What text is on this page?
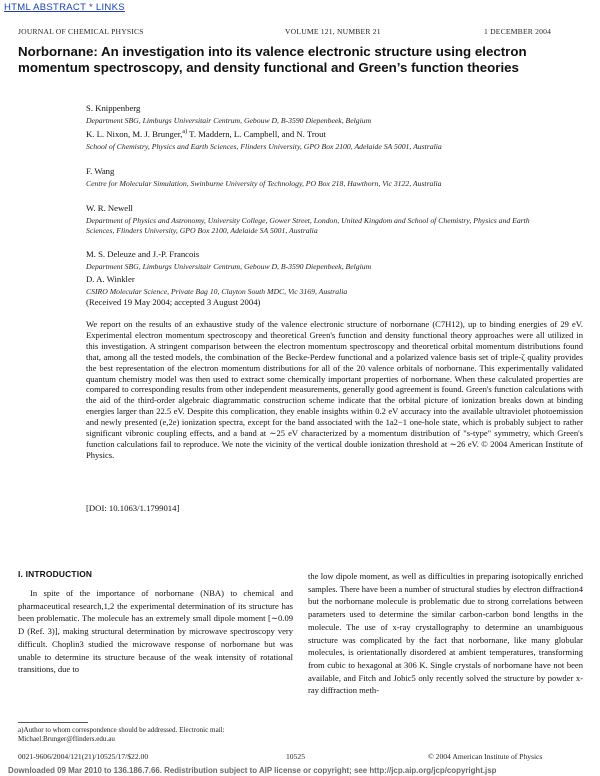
HTML ABSTRACT * LINKS
JOURNAL OF CHEMICAL PHYSICS	VOLUME 121, NUMBER 21	1 DECEMBER 2004
Norbornane: An investigation into its valence electronic structure using electron momentum spectroscopy, and density functional and Green’s function theories
S. Knippenberg
Department SBG, Limburgs Universitair Centrum, Gebouw D, B-3590 Diepenbeek, Belgium
K. L. Nixon, M. J. Brunger,$^{a)}$ T. Maddern, L. Campbell, and N. Trout
School of Chemistry, Physics and Earth Sciences, Flinders University, GPO Box 2100, Adelaide SA 5001, Australia
F. Wang
Centre for Molecular Simulation, Swinburne University of Technology, PO Box 218, Hawthorn, Vic 3122, Australia
W. R. Newell
Department of Physics and Astronomy, University College, Gower Street, London, United Kingdom and School of Chemistry, Physics and Earth Sciences, Flinders University, GPO Box 2100, Adelaide SA 5001, Australia
M. S. Deleuze and J.-P. Francois
Department SBG, Limburgs Universitair Centrum, Gebouw D, B-3590 Diepenbeek, Belgium
D. A. Winkler
CSIRO Molecular Science, Private Bag 10, Clayton South MDC, Vic 3169, Australia
(Received 19 May 2004; accepted 3 August 2004)
We report on the results of an exhaustive study of the valence electronic structure of norbornane (C7H12), up to binding energies of 29 eV. Experimental electron momentum spectroscopy and theoretical Green's function and density functional theory approaches were all utilized in this investigation. A stringent comparison between the electron momentum spectroscopy and theoretical orbital momentum distributions found that, among all the tested models, the combination of the Becke-Perdew functional and a polarized valence basis set of triple-ζ quality provides the best representation of the electron momentum distributions for all of the 20 valence orbitals of norbornane. This experimentally validated quantum chemistry model was then used to extract some chemically important properties of norbornane. When these calculated properties are compared to corresponding results from other independent measurements, generally good agreement is found. Green's function calculations with the aid of the third-order algebraic diagrammatic construction scheme indicate that the orbital picture of ionization breaks down at binding energies larger than 22.5 eV. Despite this complication, they enable insights within 0.2 eV accuracy into the available ultraviolet photoemission and newly presented (e,2e) ionization spectra, except for the band associated with the 1a2−1 one-hole state, which is probably subject to rather significant vibronic coupling effects, and a band at ∼25 eV characterized by a momentum distribution of "s-type" symmetry, which Green's function calculations fail to reproduce. We note the vicinity of the vertical double ionization threshold at ∼26 eV. © 2004 American Institute of Physics.
[DOI: 10.1063/1.1799014]
I. INTRODUCTION
In spite of the importance of norbornane (NBA) to chemical and pharmaceutical research,1,2 the experimental determination of its structure has been problematic. The molecule has an extremely small dipole moment [∼0.09 D (Ref. 3)], making structural determination by microwave spectroscopy very difficult. Choplin3 studied the microwave response of norbornane but was unable to determine its structure because of the weak intensity of rotational transitions, due to
the low dipole moment, as well as difficulties in preparing isotopically enriched samples. There have been a number of structural studies by electron diffraction4 but the norbornane molecule is problematic due to strong correlations between parameters used to determine the similar carbon-carbon bond lengths in the molecule. The use of x-ray crystallography to determine an unambiguous structure was complicated by the fact that norbornane, like many globular molecules, is orientationally disordered at ambient temperatures, transforming from cubic to hexagonal at 306 K. Single crystals of norbornane have not been available, and Fitch and Jobic5 only recently solved the structure by powder x-ray diffraction meth-
a)Author to whom correspondence should be addressed. Electronic mail: Michael.Brunger@flinders.edu.au
0021-9606/2004/121(21)/10525/17/$22.00	10525	© 2004 American Institute of Physics
Downloaded 09 Mar 2010 to 136.186.7.66. Redistribution subject to AIP license or copyright; see http://jcp.aip.org/jcp/copyright.jsp
